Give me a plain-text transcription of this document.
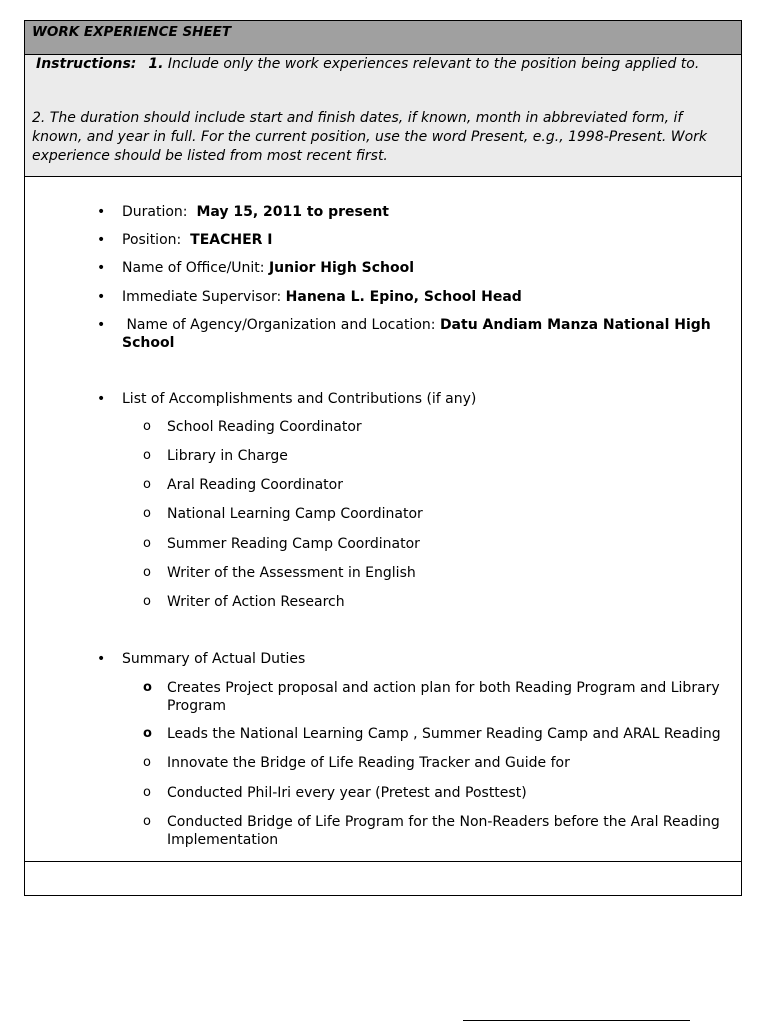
WORK EXPERIENCE SHEET
Instructions: 1. Include only the work experiences relevant to the position being applied to.
2. The duration should include start and finish dates, if known, month in abbreviated form, if known, and year in full. For the current position, use the word Present, e.g., 1998-Present. Work experience should be listed from most recent first.
• Duration: May 15, 2011 to present
• Position: TEACHER I
• Name of Office/Unit: Junior High School
• Immediate Supervisor: Hanena L. Epino, School Head
•	Name of Agency/Organization and Location: Datu Andiam Manza National High School
• List of Accomplishments and Contributions (if any)
o School Reading Coordinator
o Library in Charge
o Aral Reading Coordinator
o National Learning Camp Coordinator
o Summer Reading Camp Coordinator
o Writer of the Assessment in English
o Writer of Action Research
• Summary of Actual Duties
o Creates Project proposal and action plan for both Reading Program and Library Program
o Leads the National Learning Camp , Summer Reading Camp and ARAL Reading
o Innovate the Bridge of Life Reading Tracker and Guide for
o Conducted Phil-Iri every year (Pretest and Posttest)
o Conducted Bridge of Life Program for the Non-Readers before the Aral Reading Implementation
